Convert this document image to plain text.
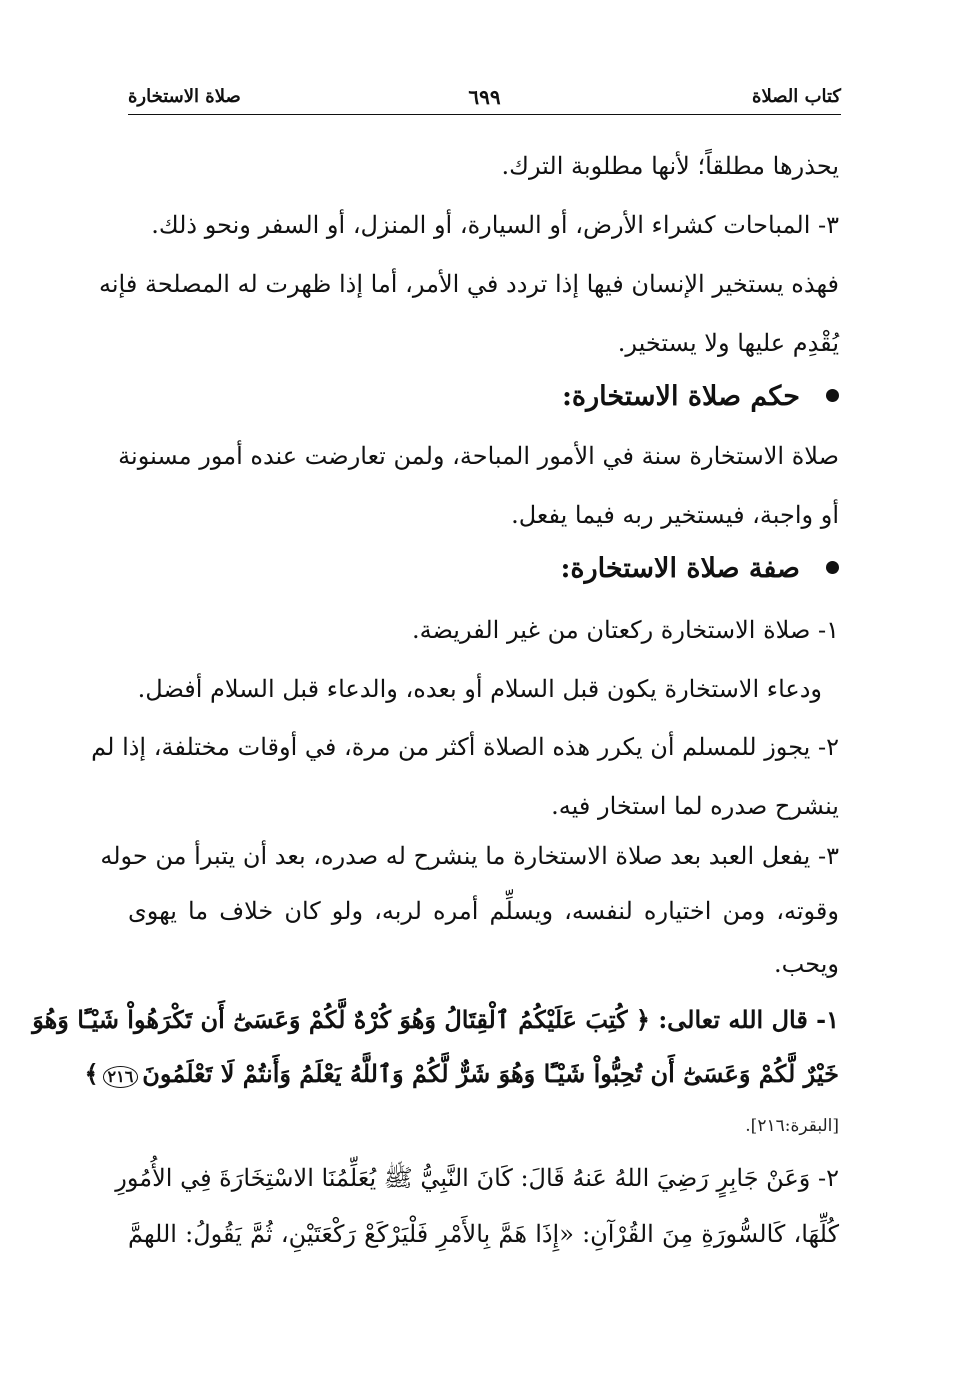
كتاب الصلاة
٦٩٩
صلاة الاستخارة
يحذرها مطلقاً؛ لأنها مطلوبة الترك.
٣- المباحات كشراء الأرض، أو السيارة، أو المنزل، أو السفر ونحو ذلك.
فهذه يستخير الإنسان فيها إذا تردد في الأمر، أما إذا ظهرت له المصلحة فإنه
يُقْدِم عليها ولا يستخير.
حكم صلاة الاستخارة:
صلاة الاستخارة سنة في الأمور المباحة، ولمن تعارضت عنده أمور مسنونة
أو واجبة، فيستخير ربه فيما يفعل.
صفة صلاة الاستخارة:
١- صلاة الاستخارة ركعتان من غير الفريضة.
ودعاء الاستخارة يكون قبل السلام أو بعده، والدعاء قبل السلام أفضل.
٢- يجوز للمسلم أن يكرر هذه الصلاة أكثر من مرة، في أوقات مختلفة، إذا لم
ينشرح صدره لما استخار فيه.
٣- يفعل العبد بعد صلاة الاستخارة ما ينشرح له صدره، بعد أن يتبرأ من حوله
وقوته، ومن اختياره لنفسه، ويسلِّم أمره لربه، ولو كان خلاف ما يهوى
ويحب.
١- قال الله تعالى: ﴿ كُتِبَ عَلَيْكُمُ ٱلْقِتَالُ وَهُوَ كُرْهٌ لَّكُمْ وَعَسَىٰٓ أَن تَكْرَهُواْ شَيْـًٔا وَهُوَ
خَيْرٌ لَّكُمْ وَعَسَىٰٓ أَن تُحِبُّواْ شَيْـًٔا وَهُوَ شَرٌّ لَّكُمْ وَٱللَّهُ يَعْلَمُ وَأَنتُمْ لَا تَعْلَمُونَ٢١٦﴾
[البقرة:٢١٦].
٢- وَعَنْ جَابِرٍ رَضِيَ اللهُ عَنهُ قَالَ: كَانَ النَّبِيُّ ﷺ يُعَلِّمُنَا الاسْتِخَارَةَ فِي الأُمُورِ
كُلِّهَا، كَالسُّورَةِ مِنَ القُرْآنِ: «إِذَا هَمَّ بِالأَمْرِ فَلْيَرْكَعْ رَكْعَتَيْنِ، ثُمَّ يَقُولُ: اللهمَّ
